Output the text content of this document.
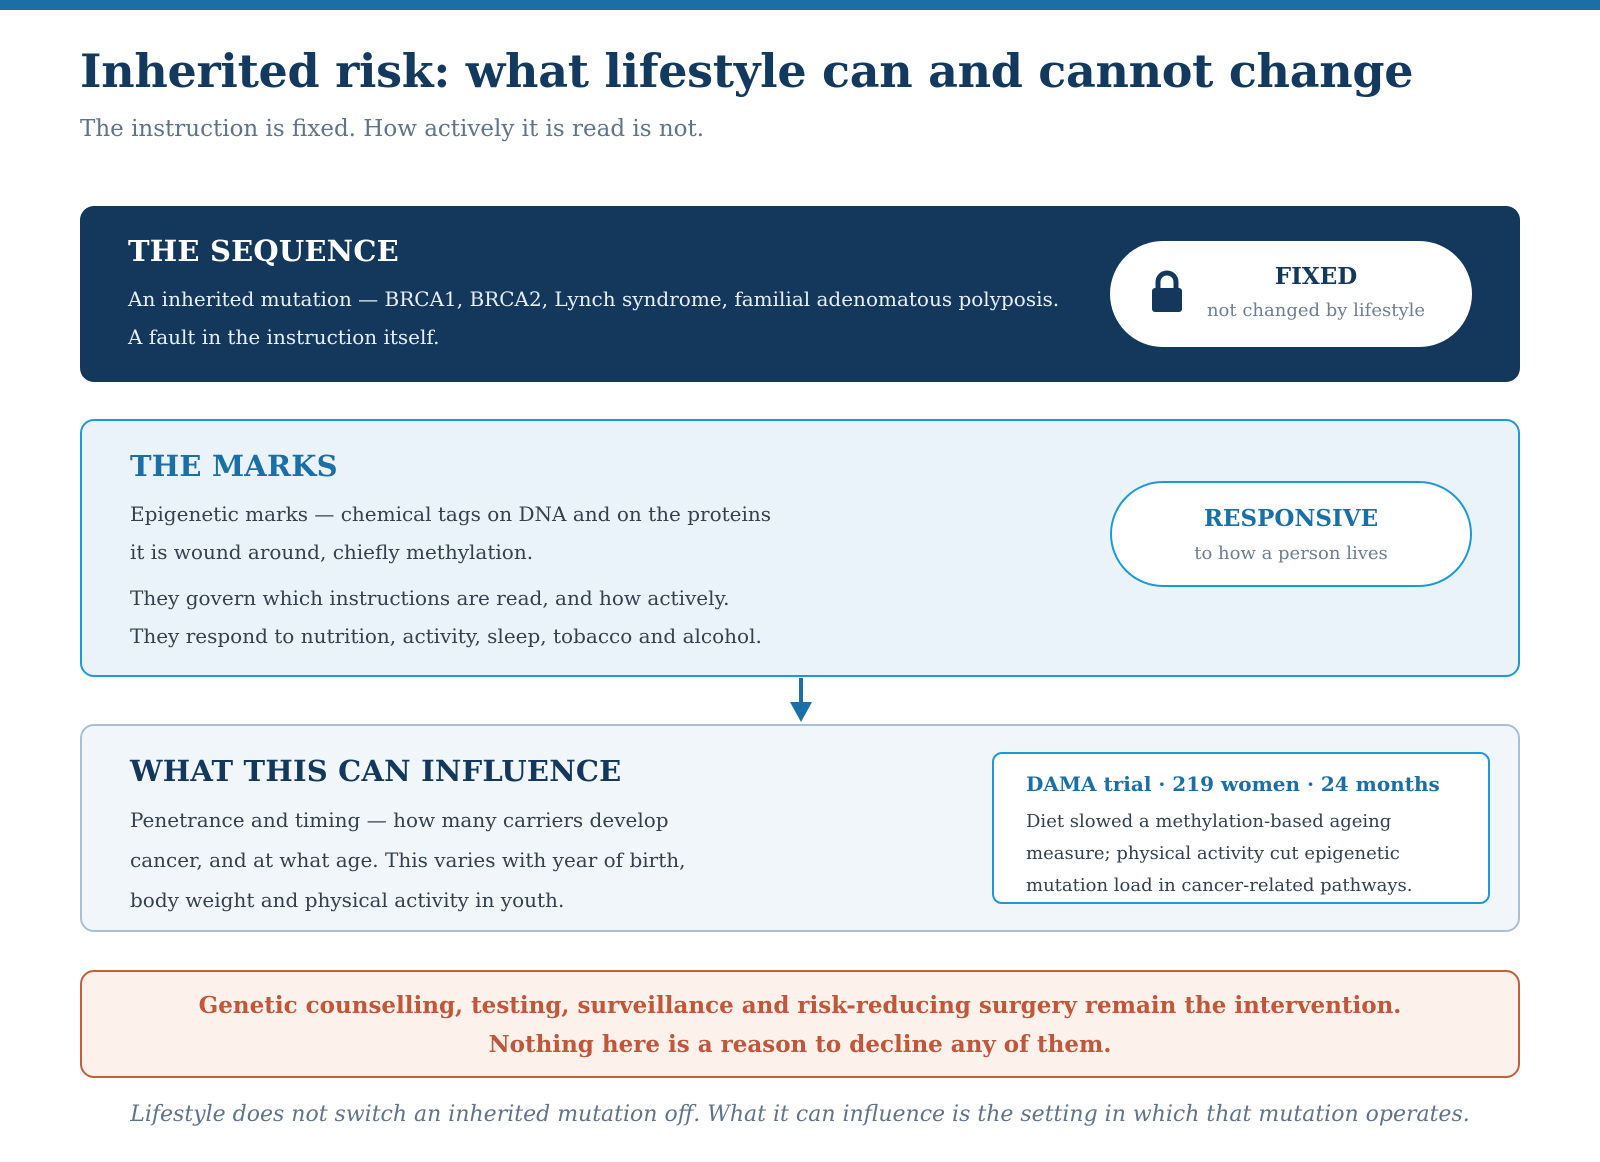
Inherited risk: what lifestyle can and cannot change
The instruction is fixed. How actively it is read is not.
THE SEQUENCE
An inherited mutation — BRCA1, BRCA2, Lynch syndrome, familial adenomatous polyposis.
A fault in the instruction itself.
FIXED
not changed by lifestyle
THE MARKS
Epigenetic marks — chemical tags on DNA and on the proteins
it is wound around, chiefly methylation.
They govern which instructions are read, and how actively.
They respond to nutrition, activity, sleep, tobacco and alcohol.
RESPONSIVE
to how a person lives
WHAT THIS CAN INFLUENCE
Penetrance and timing — how many carriers develop
cancer, and at what age. This varies with year of birth,
body weight and physical activity in youth.
DAMA trial · 219 women · 24 months
Diet slowed a methylation-based ageing
measure; physical activity cut epigenetic
mutation load in cancer-related pathways.
Genetic counselling, testing, surveillance and risk-reducing surgery remain the intervention.
Nothing here is a reason to decline any of them.
Lifestyle does not switch an inherited mutation off. What it can influence is the setting in which that mutation operates.
